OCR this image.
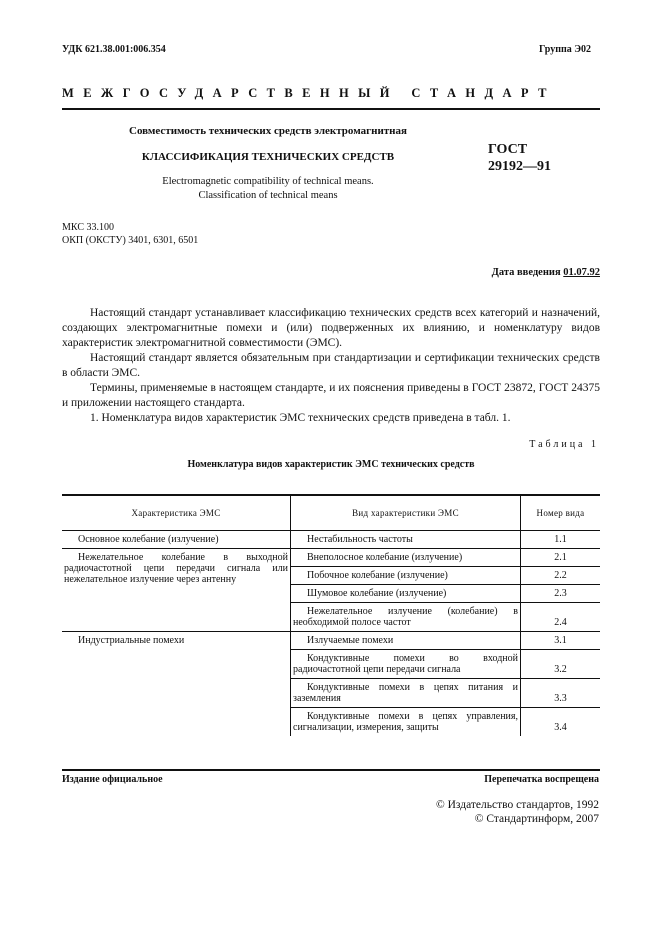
УДК 621.38.001:006.354	Группа Э02
МЕЖГОСУДАРСТВЕННЫЙ СТАНДАРТ
Совместимость технических средств электромагнитная
КЛАССИФИКАЦИЯ ТЕХНИЧЕСКИХ СРЕДСТВ
Electromagnetic compatibility of technical means.
Classification of technical means
ГОСТ
29192—91
МКС 33.100
ОКП (ОКСТУ) 3401, 6301, 6501
Дата введения 01.07.92

Настоящий стандарт устанавливает классификацию технических средств всех категорий и назначений, создающих электромагнитные помехи и (или) подверженных их влиянию, и номенклатуру видов характеристик электромагнитной совместимости (ЭМС).

Настоящий стандарт является обязательным при стандартизации и сертификации технических средств в области ЭМС.

Термины, применяемые в настоящем стандарте, и их пояснения приведены в ГОСТ 23872, ГОСТ 24375 и приложении настоящего стандарта.

1. Номенклатура видов характеристик ЭМС технических средств приведена в табл. 1.

Таблица 1
Номенклатура видов характеристик ЭМС технических средств
Характеристика ЭМС	Вид характеристики ЭМС	Номер вида

Основное колебание (излучение)	Нестабильность частоты	1.1

Нежелательное колебание в выходной радиочастотной цепи передачи сигнала или нежелательное излучение через антенну	Внеполосное колебание (излучение)	2.1

	Побочное колебание (излучение)	2.2

	Шумовое колебание (излучение)	2.3

	Нежелательное излучение (колебание) в необходимой полосе частот	2.4

Индустриальные помехи	Излучаемые помехи	3.1

	Кондуктивные помехи во входной радиочастотной цепи передачи сигнала	3.2

	Кондуктивные помехи в цепях питания и заземления	3.3

	Кондуктивные помехи в цепях управления, сигнализации, измерения, защиты	3.4
Издание официальное	Перепечатка воспрещена
© Издательство стандартов, 1992
© Стандартинформ, 2007
